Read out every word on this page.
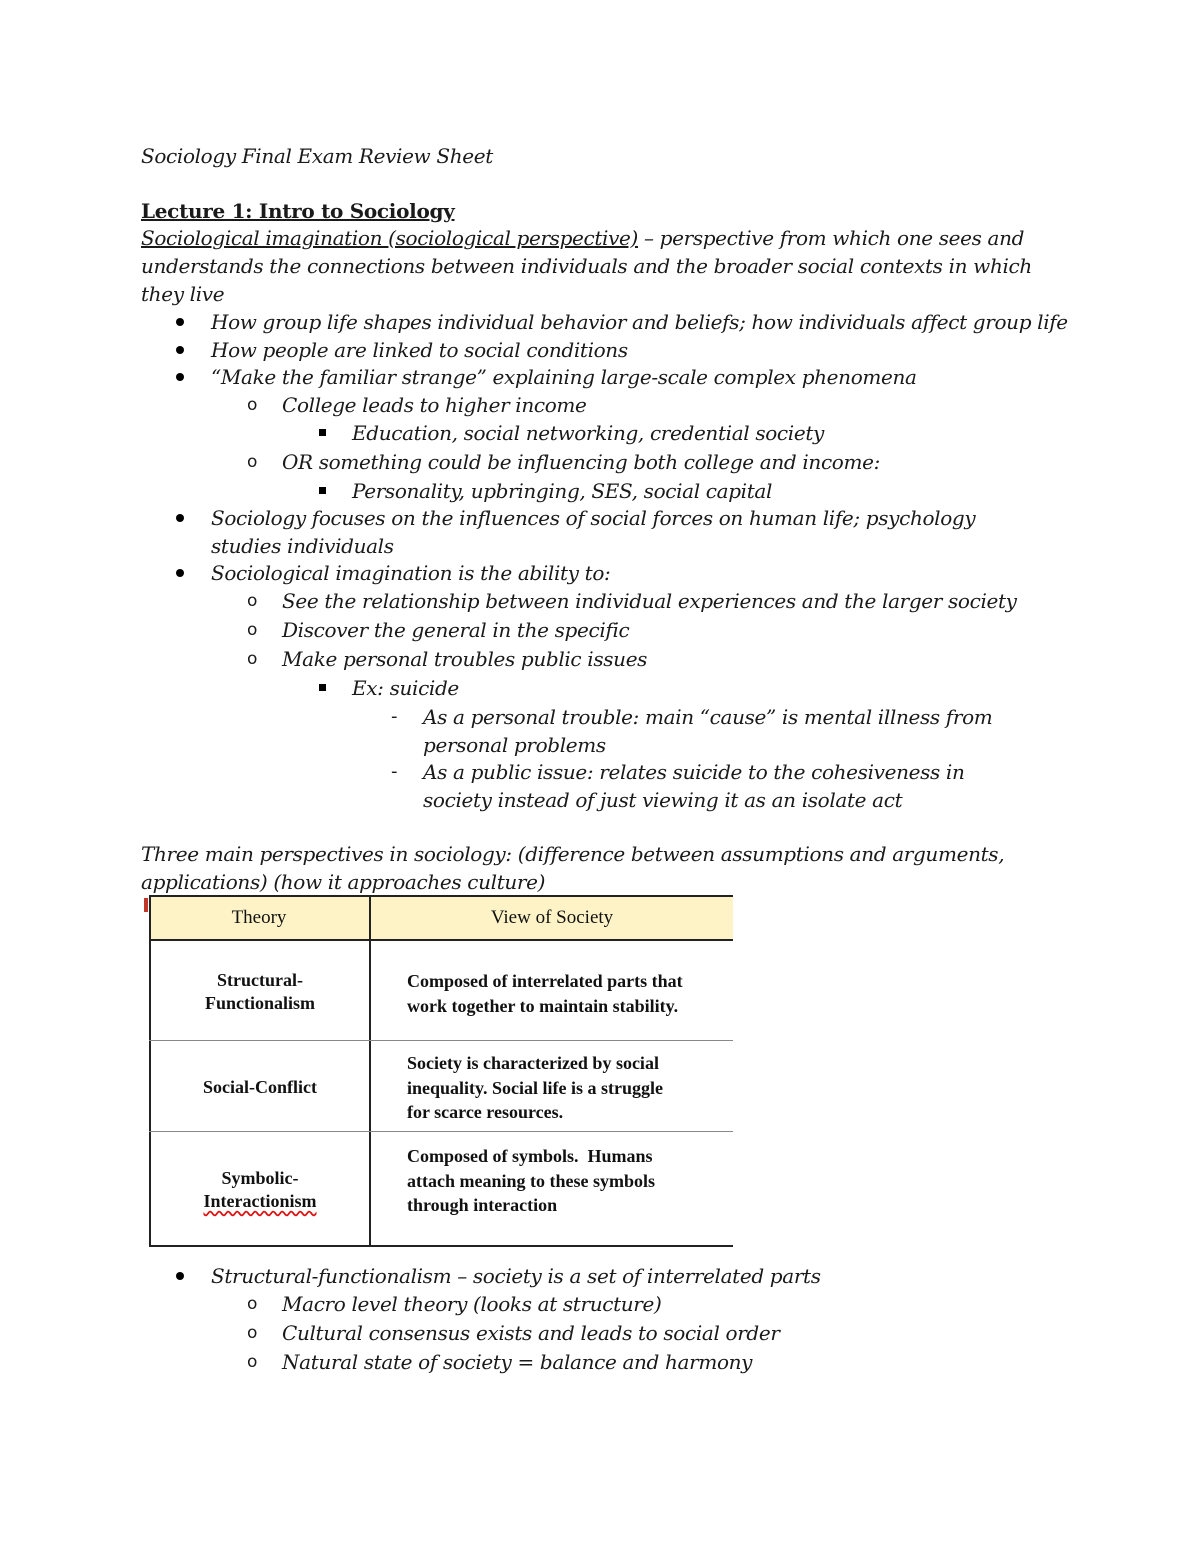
Sociology Final Exam Review Sheet
Lecture 1: Intro to Sociology
Sociological imagination (sociological perspective) – perspective from which one sees and understands the connections between individuals and the broader social contexts in which they live
How group life shapes individual behavior and beliefs; how individuals affect group life
How people are linked to social conditions
“Make the familiar strange” explaining large-scale complex phenomena
o College leads to higher income
Education, social networking, credential society
o OR something could be influencing both college and income:
Personality, upbringing, SES, social capital
Sociology focuses on the influences of social forces on human life; psychology studies individuals
Sociological imagination is the ability to:
o See the relationship between individual experiences and the larger society
o Discover the general in the specific
o Make personal troubles public issues
Ex: suicide
- As a personal trouble: main “cause” is mental illness from personal problems
- As a public issue: relates suicide to the cohesiveness in society instead of just viewing it as an isolate act
Three main perspectives in sociology: (difference between assumptions and arguments, applications) (how it approaches culture)
Theory	View of Society
Structural-
Functionalism
Composed of interrelated parts that
work together to maintain stability.
Social-Conflict
Society is characterized by social
inequality. Social life is a struggle
for scarce resources.
Symbolic-
Interactionism
Composed of symbols.  Humans
attach meaning to these symbols
through interaction
Structural-functionalism – society is a set of interrelated parts
o Macro level theory (looks at structure)
o Cultural consensus exists and leads to social order
o Natural state of society = balance and harmony
